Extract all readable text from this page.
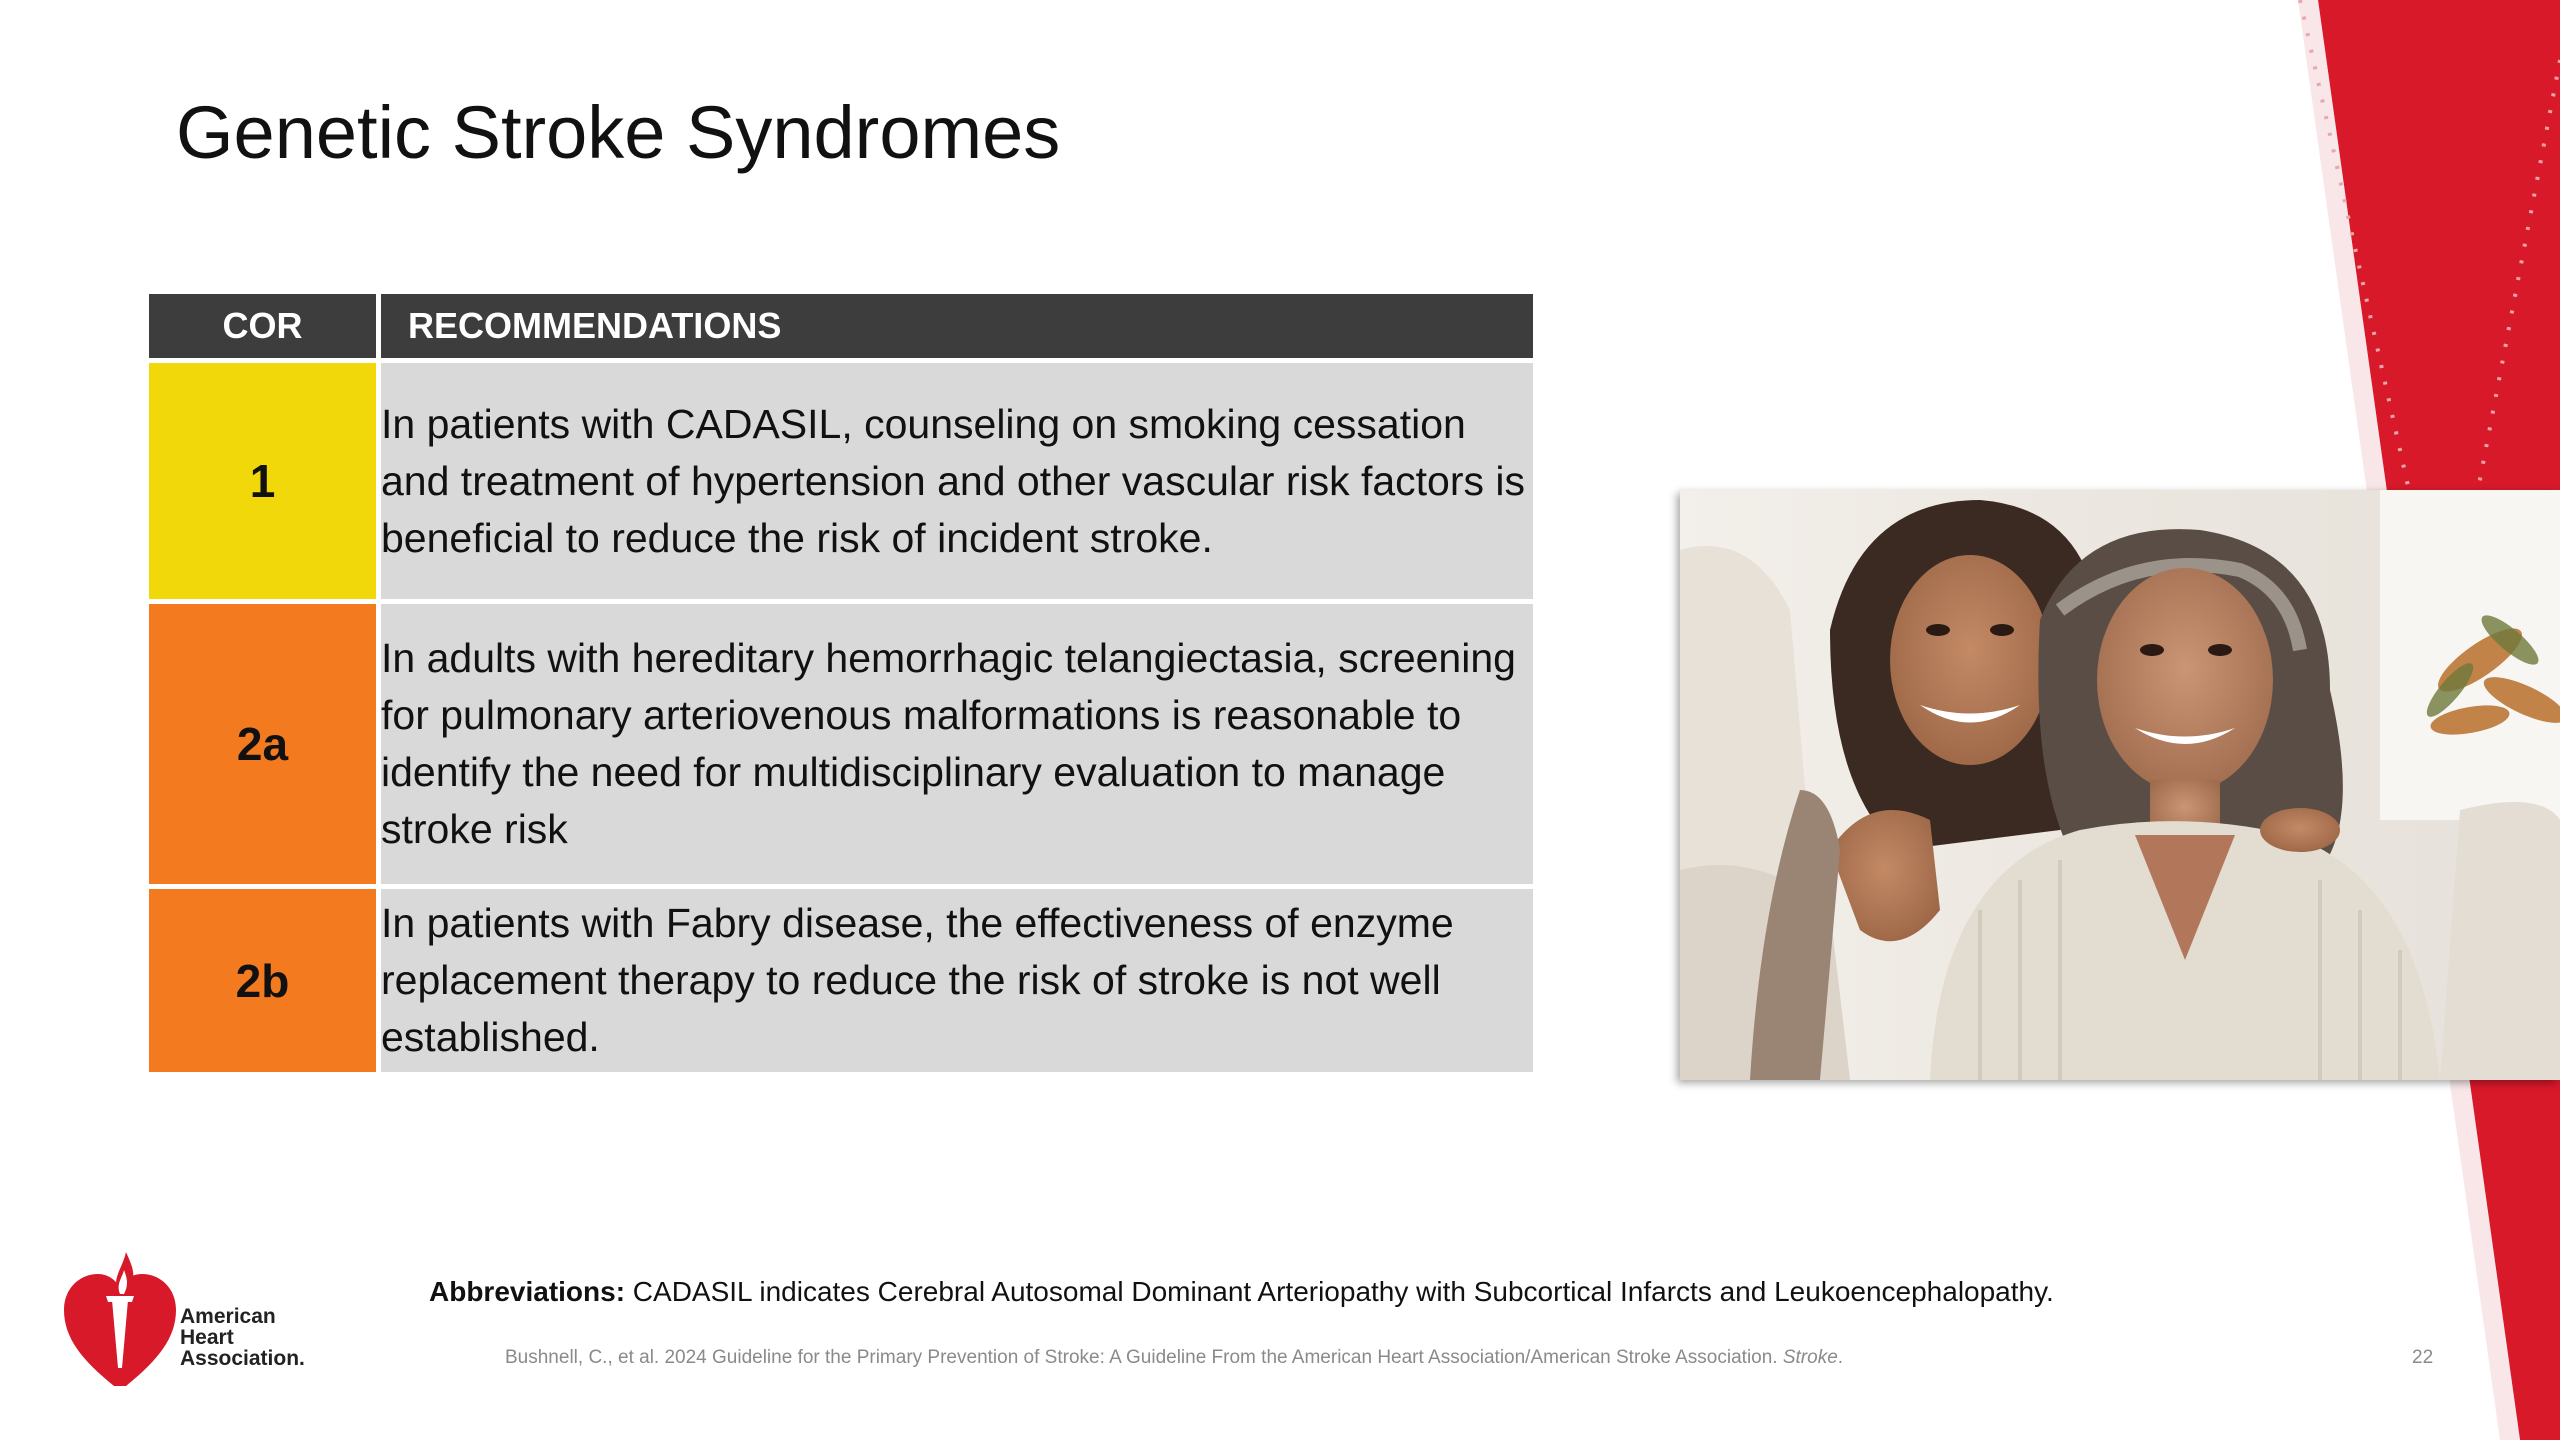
Genetic Stroke Syndromes
COR	RECOMMENDATIONS
1	In patients with CADASIL, counseling on smoking cessation and treatment of hypertension and other vascular risk factors is beneficial to reduce the risk of incident stroke.
2a	In adults with hereditary hemorrhagic telangiectasia, screening for pulmonary arteriovenous malformations is reasonable to identify the need for multidisciplinary evaluation to manage stroke risk
2b	In patients with Fabry disease, the effectiveness of enzyme replacement therapy to reduce the risk of stroke is not well established.
American
Heart
Association.
Abbreviations: CADASIL indicates Cerebral Autosomal Dominant Arteriopathy with Subcortical Infarcts and Leukoencephalopathy.
Bushnell, C., et al. 2024 Guideline for the Primary Prevention of Stroke: A Guideline From the American Heart Association/American Stroke Association. Stroke.	22
